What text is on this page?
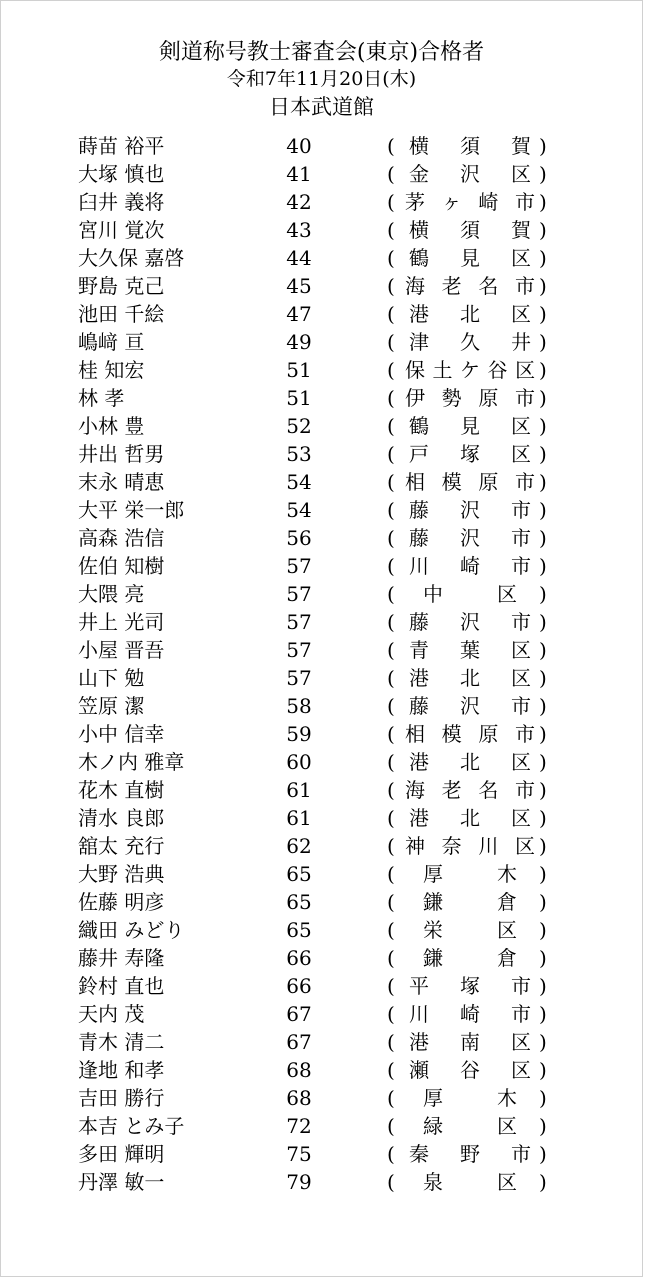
剣道称号教士審査会(東京)合格者
令和7年11月20日(木)
日本武道館
蒔苗 裕平	40	( 横 須 賀 )
大塚 慎也	41	( 金 沢 区 )
臼井 義将	42	( 茅 ヶ 崎 市 )
宮川 覚次	43	( 横 須 賀 )
大久保 嘉啓	44	( 鶴 見 区 )
野島 克己	45	( 海 老 名 市 )
池田 千絵	47	( 港 北 区 )
嶋﨑 亘	49	( 津 久 井 )
桂 知宏	51	( 保 土 ケ 谷 区 )
林 孝	51	( 伊 勢 原 市 )
小林 豊	52	( 鶴 見 区 )
井出 哲男	53	( 戸 塚 区 )
末永 晴恵	54	( 相 模 原 市 )
大平 栄一郎	54	( 藤 沢 市 )
高森 浩信	56	( 藤 沢 市 )
佐伯 知樹	57	( 川 崎 市 )
大隈 亮	57	(	中 区	)
井上 光司	57	( 藤 沢 市 )
小屋 晋吾	57	( 青 葉 区 )
山下 勉	57	( 港 北 区 )
笠原 潔	58	( 藤 沢 市 )
小中 信幸	59	( 相 模 原 市 )
木ノ内 雅章	60	( 港 北 区 )
花木 直樹	61	( 海 老 名 市 )
清水 良郎	61	( 港 北 区 )
舘太 充行	62	( 神 奈 川 区 )
大野 浩典	65	(	厚 木	)
佐藤 明彦	65	(	鎌 倉	)
織田 みどり	65	(	栄 区	)
藤井 寿隆	66	(	鎌 倉	)
鈴村 直也	66	( 平 塚 市 )
天内 茂	67	( 川 崎 市 )
青木 清二	67	( 港 南 区 )
逢地 和孝	68	( 瀬 谷 区 )
吉田 勝行	68	(	厚 木	)
本吉 とみ子	72	(	緑 区	)
多田 輝明	75	( 秦 野 市 )
丹澤 敏一	79	(	泉 区	)
